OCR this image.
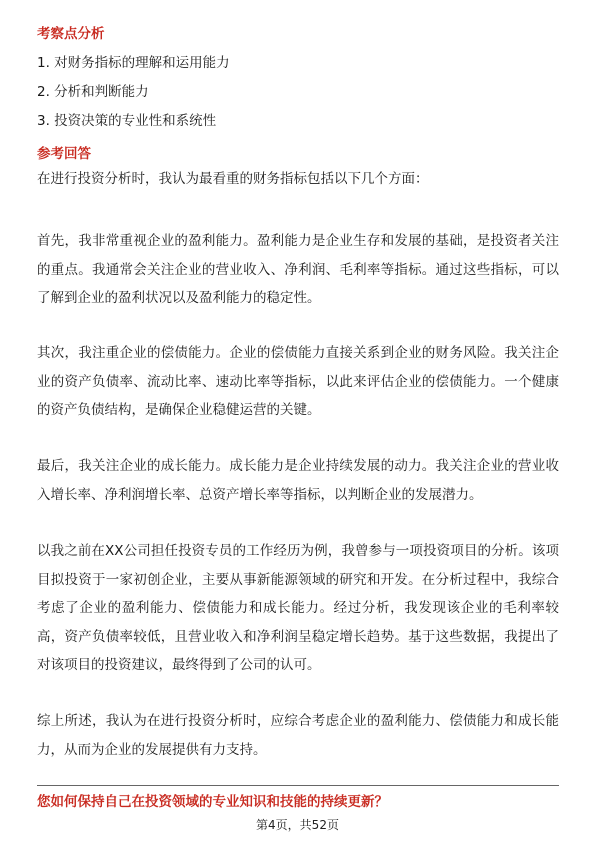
考察点分析
1. 对财务指标的理解和运用能力
2. 分析和判断能力
3. 投资决策的专业性和系统性
参考回答
在进行投资分析时，我认为最看重的财务指标包括以下几个方面：
首先，我非常重视企业的盈利能力。盈利能力是企业生存和发展的基础，是投资者关注的重点。我通常会关注企业的营业收入、净利润、毛利率等指标。通过这些指标，可以了解到企业的盈利状况以及盈利能力的稳定性。
其次，我注重企业的偿债能力。企业的偿债能力直接关系到企业的财务风险。我关注企业的资产负债率、流动比率、速动比率等指标，以此来评估企业的偿债能力。一个健康的资产负债结构，是确保企业稳健运营的关键。
最后，我关注企业的成长能力。成长能力是企业持续发展的动力。我关注企业的营业收入增长率、净利润增长率、总资产增长率等指标，以判断企业的发展潜力。
以我之前在XX公司担任投资专员的工作经历为例，我曾参与一项投资项目的分析。该项目拟投资于一家初创企业，主要从事新能源领域的研究和开发。在分析过程中，我综合考虑了企业的盈利能力、偿债能力和成长能力。经过分析，我发现该企业的毛利率较高，资产负债率较低，且营业收入和净利润呈稳定增长趋势。基于这些数据，我提出了对该项目的投资建议，最终得到了公司的认可。
综上所述，我认为在进行投资分析时，应综合考虑企业的盈利能力、偿债能力和成长能力，从而为企业的发展提供有力支持。
您如何保持自己在投资领域的专业知识和技能的持续更新？
第4页，共52页
